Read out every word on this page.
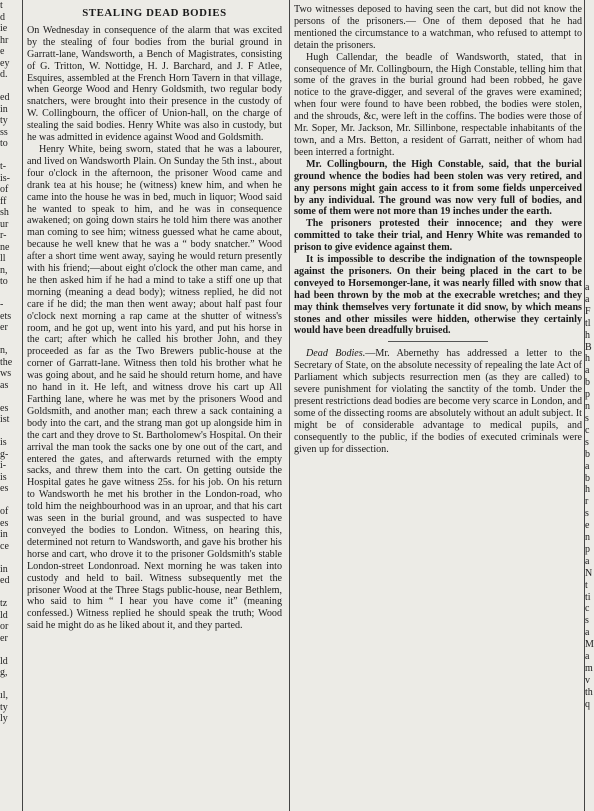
t
d
ie
hr
e
ey
d.

ed
in
ty
ss
to

t-
is-
of
ff
sh
ur
r-
ne
ll
n,
to

-
ets
er

n,
the
ws
as

es
ist

is
g-
i-
is
es

of
es
in
ce

in
ed

tz
ld
or
er

ld
g,

ıl,
ty
ly

STEALING DEAD BODIES

On Wednesday in consequence of the alarm that was excited by the stealing of four bodies from the burial ground in Garratt-lane, Wandsworth, a Bench of Magistrates, consisting of G. Tritton, W. Nottidge, H. J. Barchard, and J. F Atlee, Esquires, assembled at the French Horn Tavern in that village, when George Wood and Henry Goldsmith, two regular body snatchers, were brought into their presence in the custody of W. Collingbourn, the officer of Union-hall, on the charge of stealing the said bodies. Henry White was also in custody, but he was admitted in evidence against Wood and Goldsmith.

Henry White, being sworn, stated that he was a labourer, and lived on Wandsworth Plain. On Sunday the 5th inst., about four o'clock in the afternoon, the prisoner Wood came and drank tea at his house; he (witness) knew him, and when he came into the house he was in bed, much in liquor; Wood said he wanted to speak to him, and he was in consequence awakened; on going down stairs he told him there was another man coming to see him; witness guessed what he came about, because he well knew that he was a “ body snatcher.” Wood after a short time went away, saying he would return presently with his friend;—about eight o'clock the other man came, and he then asked him if he had a mind to take a stiff one up that morning (meaning a dead body); witness replied, he did not care if he did; the man then went away; about half past four o'clock next morning a rap came at the shutter of witness's room, and he got up, went into his yard, and put his horse in the cart; after which he called his brother John, and they proceeded as far as the Two Brewers public-house at the corner of Garratt-lane. Witness then told his brother what he was going about, and he said he should return home, and have no hand in it. He left, and witness drove his cart up All Farthing lane, where he was met by the prisoners Wood and Goldsmith, and another man; each threw a sack containing a body into the cart, and the strang man got up alongside him in the cart and they drove to St. Bartholomew's Hospital. On their arrival the man took the sacks one by one out of the cart, and entered the gates, and afterwards returned with the empty sacks, and threw them into the cart. On getting outside the Hospital gates he gave witness 25s. for his job. On his return to Wandsworth he met his brother in the London-road, who told him the neighbourhood was in an uproar, and that his cart was seen in the burial ground, and was suspected to have conveyed the bodies to London. Witness, on hearing this, determined not return to Wandsworth, and gave his brother his horse and cart, who drove it to the prisoner Goldsmith's stable London-street Londonroad. Next morning he was taken into custody and held to bail. Witness subsequently met the prisoner Wood at the Three Stags public-house, near Bethlem, who said to him “ I hear you have come it” (meaning confessed.) Witness replied he should speak the truth; Wood said he might do as he liked about it, and they parted.

Two witnesses deposed to having seen the cart, but did not know the persons of the prisoners.— One of them deposed that he had mentioned the circumstance to a watchman, who refused to attempt to detain the prisoners.

Hugh Callendar, the beadle of Wandsworth, stated, that in consequence of Mr. Collingbourn, the High Constable, telling him that some of the graves in the burial ground had been robbed, he gave notice to the grave-digger, and several of the graves were examined; when four were found to have been robbed, the bodies were stolen, and the shrouds, &c, were left in the coffins. The bodies were those of Mr. Soper, Mr. Jackson, Mr. Sillinbone, respectable inhabitants of the town, and a Mrs. Betton, a resident of Garratt, neither of whom had been interred a fortnight.

Mr. Collingbourn, the High Constable, said, that the burial ground whence the bodies had been stolen was very retired, and any persons might gain access to it from some fields unperceived by any individual. The ground was now very full of bodies, and some of them were not more than 19 inches under the earth.

The prisoners protested their innocence; and they were committed to take their trial, and Henry White was remanded to prison to give evidence against them.

It is impossible to describe the indignation of the townspeople against the prisoners. On their being placed in the cart to be conveyed to Horsemonger-lane, it was nearly filled with snow that had been thrown by the mob at the execrable wretches; and they may think themselves very fortunate it did snow, by which means stones and other missiles were hidden, otherwise they certainly would have been dreadfully bruised.

Dead Bodies.—Mr. Abernethy has addressed a letter to the Secretary of State, on the absolute necessity of repealing the late Act of Parliament which subjects resurrection men (as they are called) to severe punishment for violating the sanctity of the tomb. Under the present restrictions dead bodies are become very scarce in London, and some of the dissecting rooms are absolutely without an adult subject. It might be of considerable advantage to medical pupils, and consequently to the public, if the bodies of executed criminals were given up for dissection.

a
a
F
tl
h
B
h
a
b
p
n
s
c
s
b
a
b
h
r
s
e
n
p
a
N
t
ti
c
s
a
M
a
m
v
th
q
